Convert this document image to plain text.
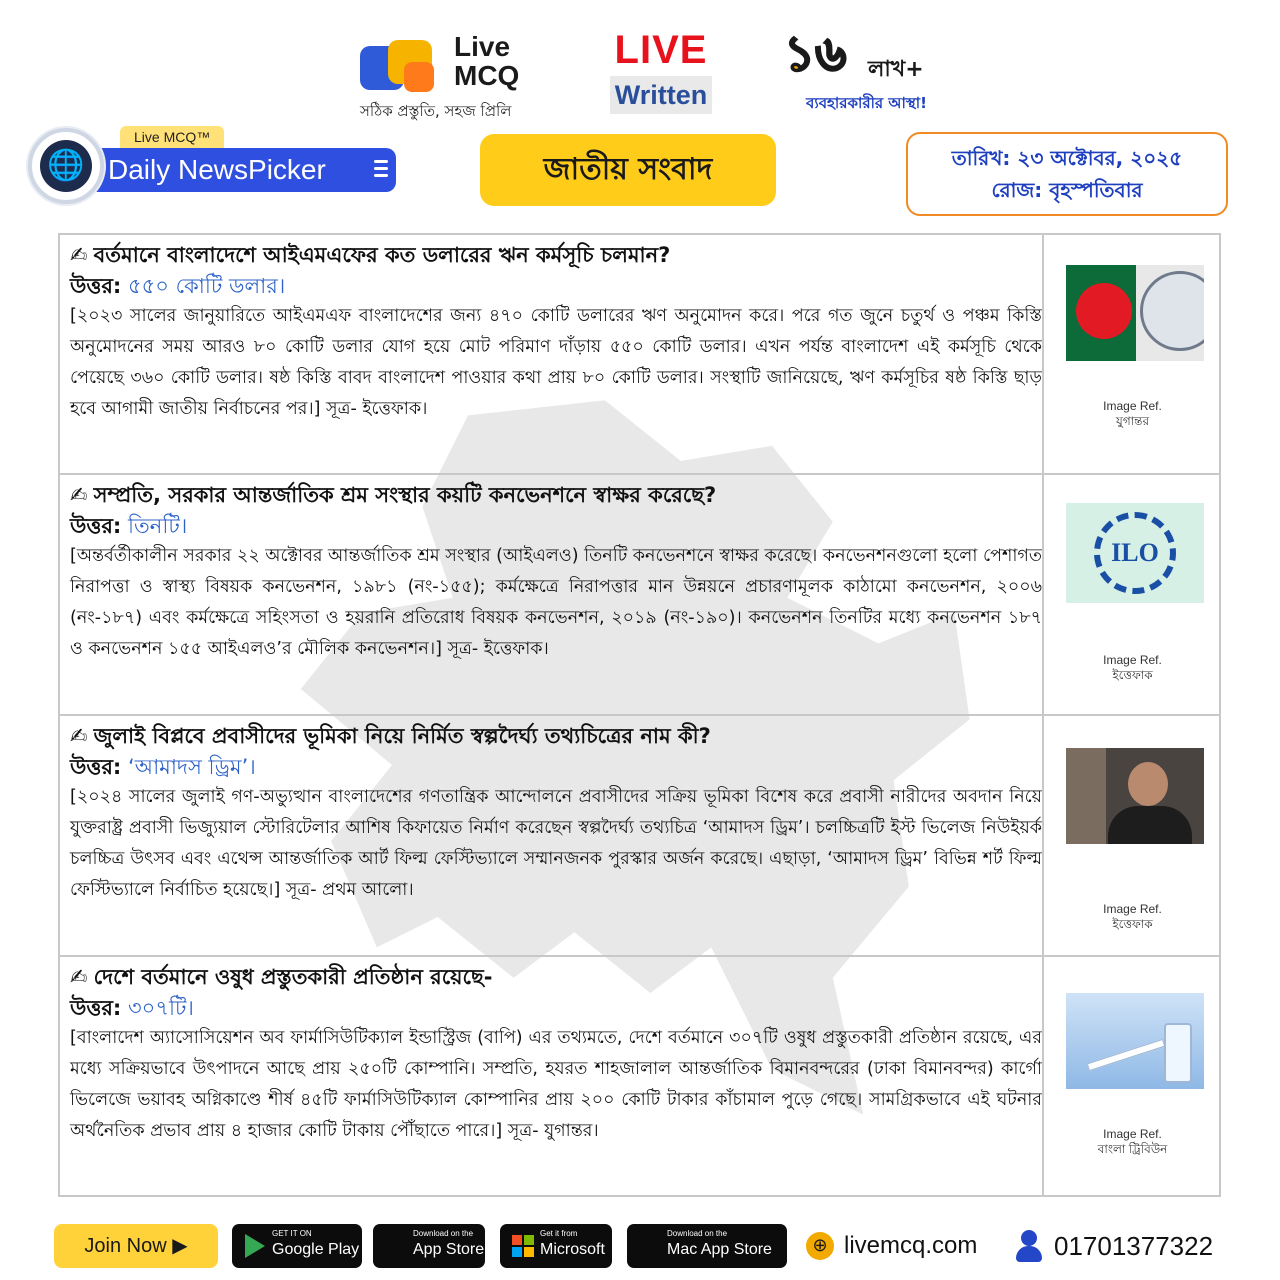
Live MCQ
সঠিক প্রস্তুতি, সহজ প্রিলি
LIVE
Written
১৬ লাখ+
ব্যবহারকারীর আস্থা!
🌐
Live MCQ™
Daily NewsPicker	জাতীয় সংবাদ	তারিখ: ২৩ অক্টোবর, ২০২৫
রোজ: বৃহস্পতিবার
✍ বর্তমানে বাংলাদেশে আইএমএফের কত ডলারের ঋন কর্মসূচি চলমান?
উত্তর: ৫৫০ কোটি ডলার।
[২০২৩ সালের জানুয়ারিতে আইএমএফ বাংলাদেশের জন্য ৪৭০ কোটি ডলারের ঋণ অনুমোদন করে। পরে গত জুনে চতুর্থ ও পঞ্চম কিস্তি অনুমোদনের সময় আরও ৮০ কোটি ডলার যোগ হয়ে মোট পরিমাণ দাঁড়ায় ৫৫০ কোটি ডলার। এখন পর্যন্ত বাংলাদেশ এই কর্মসূচি থেকে পেয়েছে ৩৬০ কোটি ডলার। ষষ্ঠ কিস্তি বাবদ বাংলাদেশ পাওয়ার কথা প্রায় ৮০ কোটি ডলার। সংস্থাটি জানিয়েছে, ঋণ কর্মসূচির ষষ্ঠ কিস্তি ছাড় হবে আগামী জাতীয় নির্বাচনের পর।] সূত্র- ইত্তেফাক।	Image Ref.
যুগান্তর
✍ সম্প্রতি, সরকার আন্তর্জাতিক শ্রম সংস্থার কয়টি কনভেনশনে স্বাক্ষর করেছে?
উত্তর: তিনটি।
[অন্তর্বর্তীকালীন সরকার ২২ অক্টোবর আন্তর্জাতিক শ্রম সংস্থার (আইএলও) তিনটি কনভেনশনে স্বাক্ষর করেছে। কনভেনশনগুলো হলো পেশাগত নিরাপত্তা ও স্বাস্থ্য বিষয়ক কনভেনশন, ১৯৮১ (নং-১৫৫); কর্মক্ষেত্রে নিরাপত্তার মান উন্নয়নে প্রচারণামূলক কাঠামো কনভেনশন, ২০০৬ (নং-১৮৭) এবং কর্মক্ষেত্রে সহিংসতা ও হয়রানি প্রতিরোধ বিষয়ক কনভেনশন, ২০১৯ (নং-১৯০)। কনভেনশন তিনটির মধ্যে কনভেনশন ১৮৭ ও কনভেনশন ১৫৫ আইএলও’র মৌলিক কনভেনশন।] সূত্র- ইত্তেফাক।
ILO
Image Ref.
ইত্তেফাক
✍ জুলাই বিপ্লবে প্রবাসীদের ভূমিকা নিয়ে নির্মিত স্বল্পদৈর্ঘ্য তথ্যচিত্রের নাম কী?
উত্তর: ‘আমাদস ড্রিম’।
[২০২৪ সালের জুলাই গণ-অভ্যুত্থান বাংলাদেশের গণতান্ত্রিক আন্দোলনে প্রবাসীদের সক্রিয় ভূমিকা বিশেষ করে প্রবাসী নারীদের অবদান নিয়ে যুক্তরাষ্ট্র প্রবাসী ভিজ্যুয়াল স্টোরিটেলার আশিষ কিফায়েত নির্মাণ করেছেন স্বল্পদৈর্ঘ্য তথ্যচিত্র ‘আমাদস ড্রিম’। চলচ্চিত্রটি ইস্ট ভিলেজ নিউইয়র্ক চলচ্চিত্র উৎসব এবং এথেন্স আন্তর্জাতিক আর্ট ফিল্ম ফেস্টিভ্যালে সম্মানজনক পুরস্কার অর্জন করেছে। এছাড়া, ‘আমাদস ড্রিম’ বিভিন্ন শর্ট ফিল্ম ফেস্টিভ্যালে নির্বাচিত হয়েছে।] সূত্র- প্রথম আলো।
Image Ref.
ইত্তেফাক
✍ দেশে বর্তমানে ওষুধ প্রস্তুতকারী প্রতিষ্ঠান রয়েছে-
উত্তর: ৩০৭টি।
[বাংলাদেশ অ্যাসোসিয়েশন অব ফার্মাসিউটিক্যাল ইন্ডাস্ট্রিজ (বাপি) এর তথ্যমতে, দেশে বর্তমানে ৩০৭টি ওষুধ প্রস্তুতকারী প্রতিষ্ঠান রয়েছে, এর মধ্যে সক্রিয়ভাবে উৎপাদনে আছে প্রায় ২৫০টি কোম্পানি। সম্প্রতি, হযরত শাহজালাল আন্তর্জাতিক বিমানবন্দরের (ঢাকা বিমানবন্দর) কার্গো ভিলেজে ভয়াবহ অগ্নিকাণ্ডে শীর্ষ ৪৫টি ফার্মাসিউটিক্যাল কোম্পানির প্রায় ২০০ কোটি টাকার কাঁচামাল পুড়ে গেছে। সামগ্রিকভাবে এই ঘটনার অর্থনৈতিক প্রভাব প্রায় ৪ হাজার কোটি টাকায় পৌঁছাতে পারে।] সূত্র- যুগান্তর।	Image Ref.
বাংলা ট্রিবিউন
Join Now ▶
GET IT ON
Google Play
Download on the
App Store
Get it from
Microsoft
Download on the
Mac App Store	⊕ livemcq.com	01701377322
